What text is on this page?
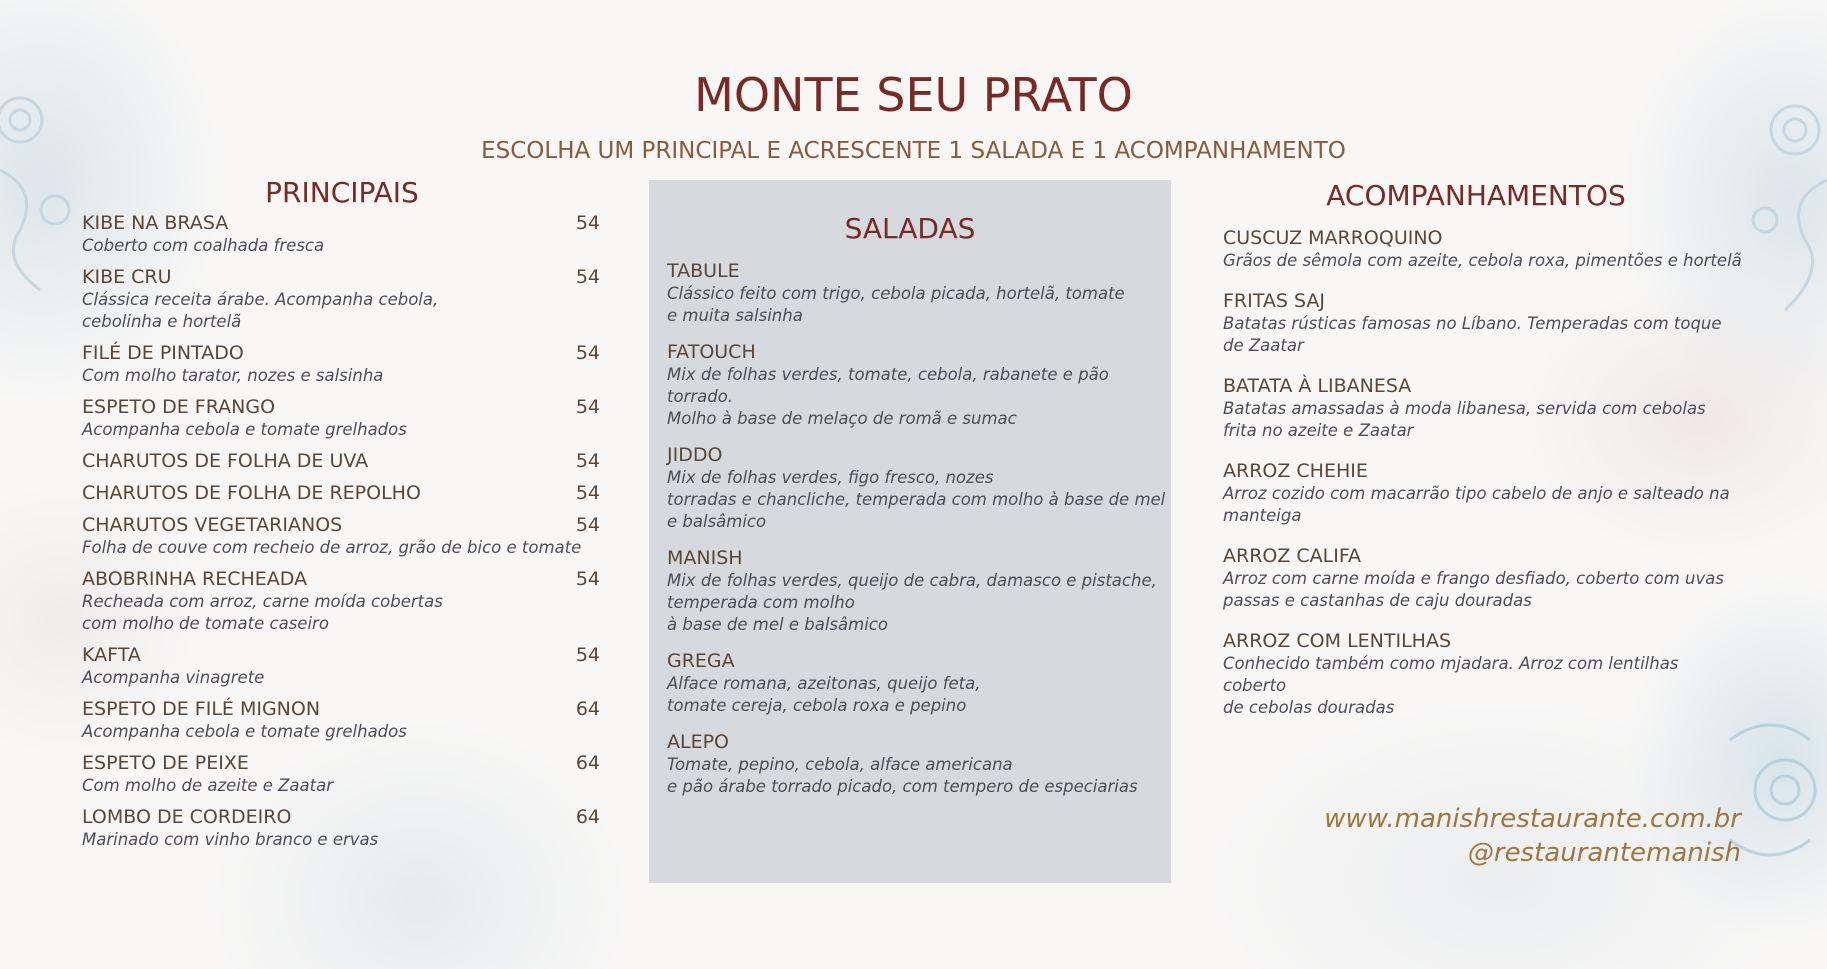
MONTE SEU PRATO
ESCOLHA UM PRINCIPAL E ACRESCENTE 1 SALADA E 1 ACOMPANHAMENTO
PRINCIPAIS
KIBE NA BRASA	54
Coberto com coalhada fresca
KIBE CRU	54
Clássica receita árabe. Acompanha cebola,
cebolinha e hortelã
FILÉ DE PINTADO	54
Com molho tarator, nozes e salsinha
ESPETO DE FRANGO	54
Acompanha cebola e tomate grelhados
CHARUTOS DE FOLHA DE UVA	54
CHARUTOS DE FOLHA DE REPOLHO	54
CHARUTOS VEGETARIANOS	54
Folha de couve com recheio de arroz, grão de bico e tomate
ABOBRINHA RECHEADA	54
Recheada com arroz, carne moída cobertas
com molho de tomate caseiro
KAFTA	54
Acompanha vinagrete
ESPETO DE FILÉ MIGNON	64
Acompanha cebola e tomate grelhados
ESPETO DE PEIXE	64
Com molho de azeite e Zaatar
LOMBO DE CORDEIRO	64
Marinado com vinho branco e ervas
SALADAS
TABULE
Clássico feito com trigo, cebola picada, hortelã, tomate
e muita salsinha
FATOUCH
Mix de folhas verdes, tomate, cebola, rabanete e pão torrado.
Molho à base de melaço de romã e sumac
JIDDO
Mix de folhas verdes, figo fresco, nozes
torradas e chancliche, temperada com molho à base de mel
e balsâmico
MANISH
Mix de folhas verdes, queijo de cabra, damasco e pistache,
temperada com molho
à base de mel e balsâmico
GREGA
Alface romana, azeitonas, queijo feta,
tomate cereja, cebola roxa e pepino
ALEPO
Tomate, pepino, cebola, alface americana
e pão árabe torrado picado, com tempero de especiarias
ACOMPANHAMENTOS
CUSCUZ MARROQUINO
Grãos de sêmola com azeite, cebola roxa, pimentões e hortelã
FRITAS SAJ
Batatas rústicas famosas no Líbano. Temperadas com toque
de Zaatar
BATATA À LIBANESA
Batatas amassadas à moda libanesa, servida com cebolas
frita no azeite e Zaatar
ARROZ CHEHIE
Arroz cozido com macarrão tipo cabelo de anjo e salteado na
manteiga
ARROZ CALIFA
Arroz com carne moída e frango desfiado, coberto com uvas
passas e castanhas de caju douradas
ARROZ COM LENTILHAS
Conhecido também como mjadara. Arroz com lentilhas coberto
de cebolas douradas
www.manishrestaurante.com.br
@restaurantemanish
